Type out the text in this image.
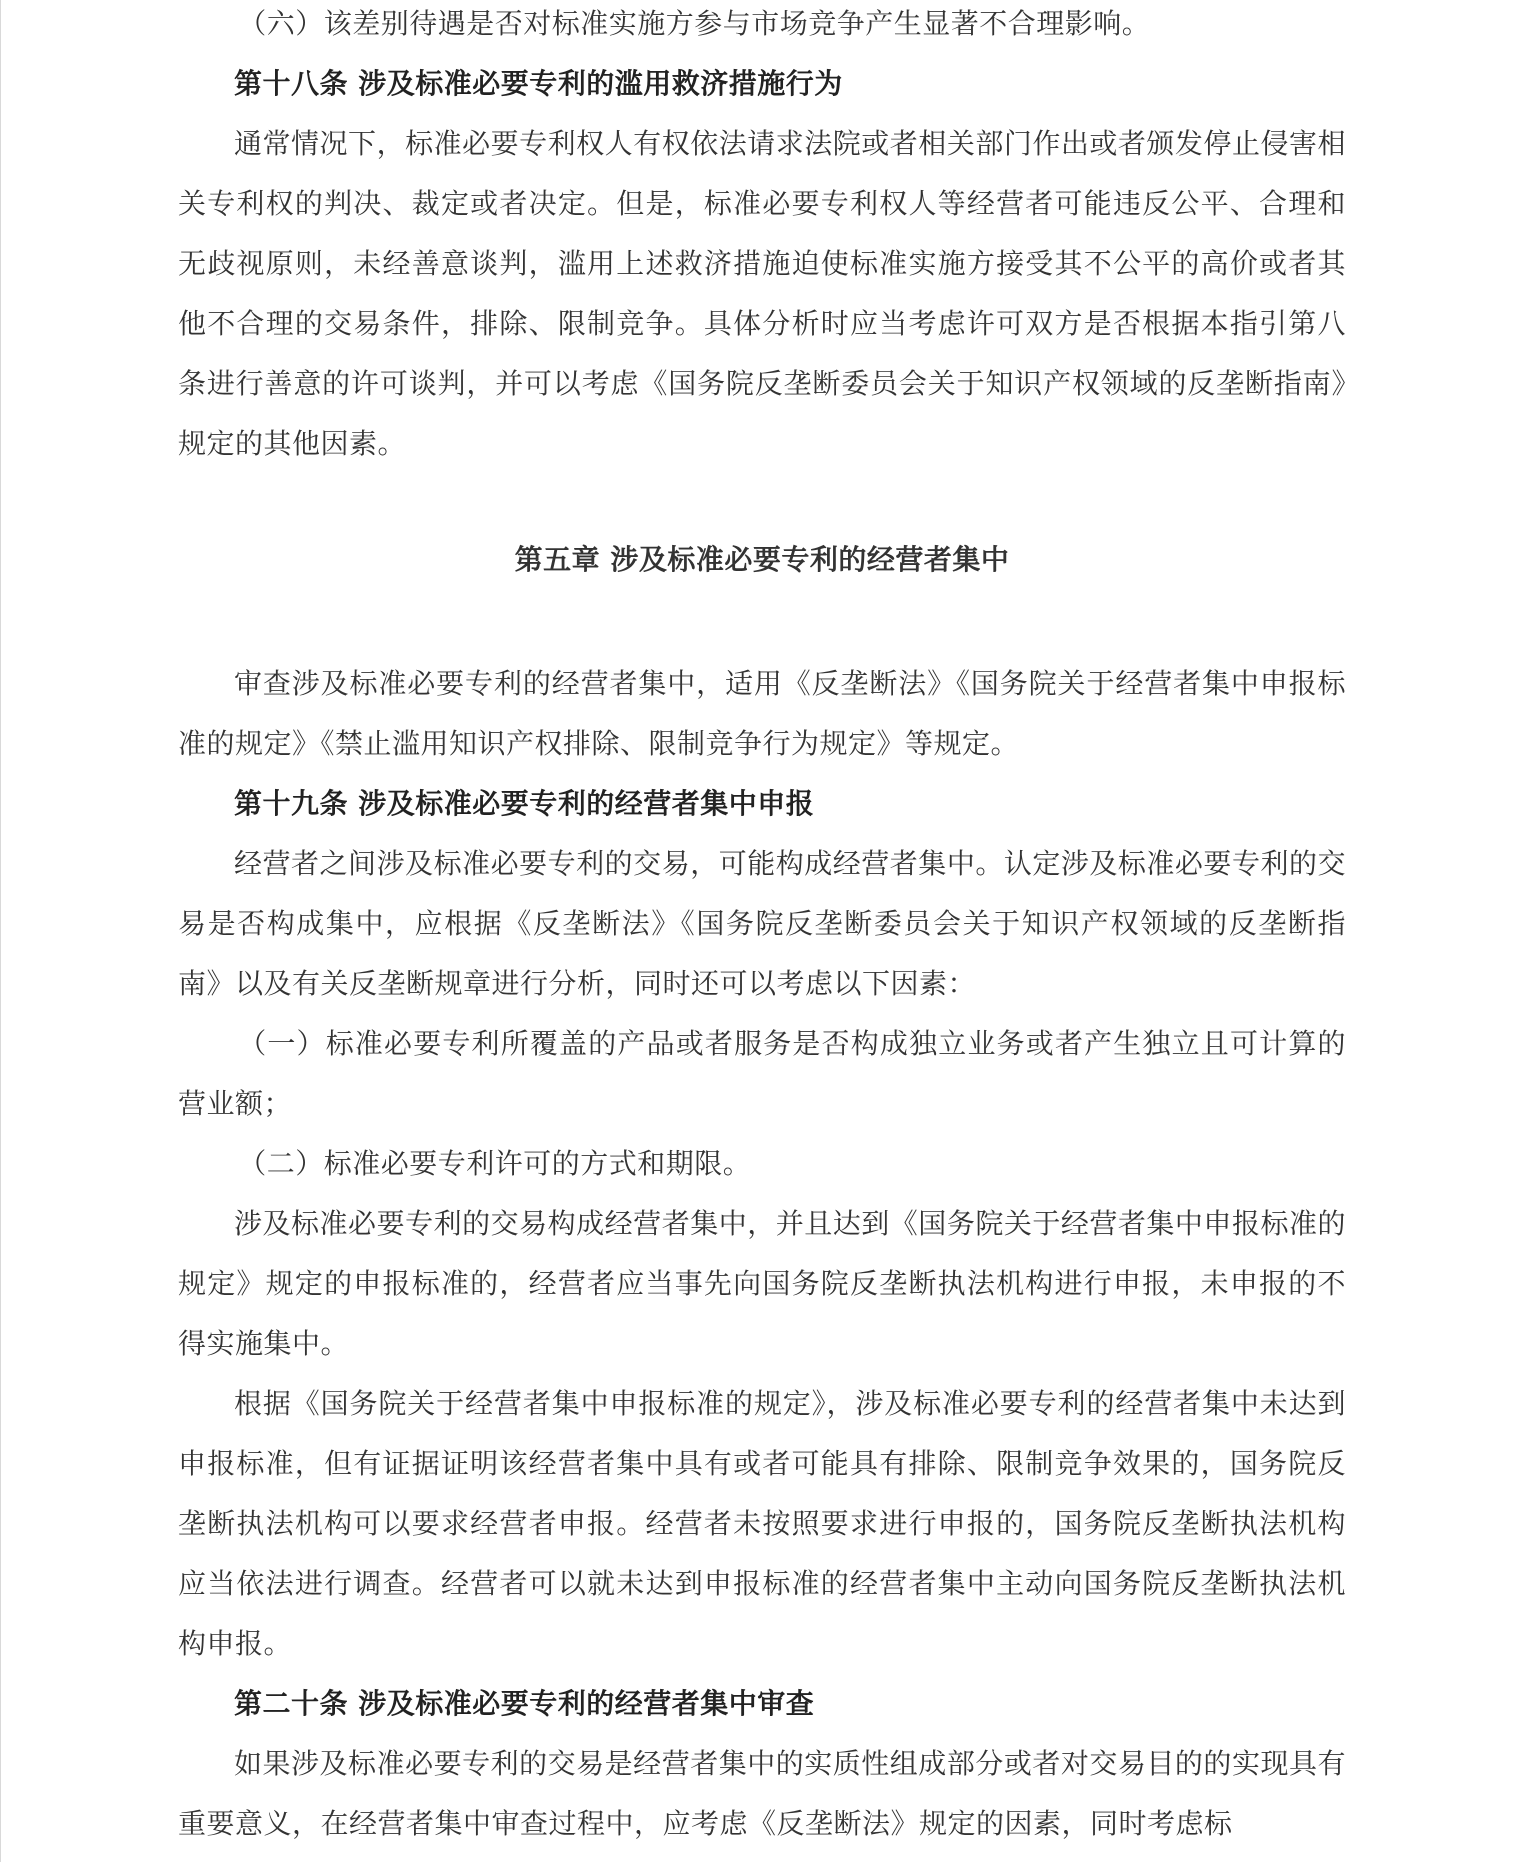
（六）该差别待遇是否对标准实施方参与市场竞争产生显著不合理影响。

第十八条 涉及标准必要专利的滥用救济措施行为

通常情况下，标准必要专利权人有权依法请求法院或者相关部门作出或者颁发停止侵害相关专利权的判决、裁定或者决定。但是，标准必要专利权人等经营者可能违反公平、合理和无歧视原则，未经善意谈判，滥用上述救济措施迫使标准实施方接受其不公平的高价或者其他不合理的交易条件，排除、限制竞争。具体分析时应当考虑许可双方是否根据本指引第八条进行善意的许可谈判，并可以考虑《国务院反垄断委员会关于知识产权领域的反垄断指南》规定的其他因素。

第五章 涉及标准必要专利的经营者集中

审查涉及标准必要专利的经营者集中，适用《反垄断法》《国务院关于经营者集中申报标准的规定》《禁止滥用知识产权排除、限制竞争行为规定》等规定。

第十九条 涉及标准必要专利的经营者集中申报

经营者之间涉及标准必要专利的交易，可能构成经营者集中。认定涉及标准必要专利的交易是否构成集中，应根据《反垄断法》《国务院反垄断委员会关于知识产权领域的反垄断指南》以及有关反垄断规章进行分析，同时还可以考虑以下因素：

（一）标准必要专利所覆盖的产品或者服务是否构成独立业务或者产生独立且可计算的营业额；

（二）标准必要专利许可的方式和期限。

涉及标准必要专利的交易构成经营者集中，并且达到《国务院关于经营者集中申报标准的规定》规定的申报标准的，经营者应当事先向国务院反垄断执法机构进行申报，未申报的不得实施集中。

根据《国务院关于经营者集中申报标准的规定》，涉及标准必要专利的经营者集中未达到申报标准，但有证据证明该经营者集中具有或者可能具有排除、限制竞争效果的，国务院反垄断执法机构可以要求经营者申报。经营者未按照要求进行申报的，国务院反垄断执法机构应当依法进行调查。经营者可以就未达到申报标准的经营者集中主动向国务院反垄断执法机构申报。

第二十条 涉及标准必要专利的经营者集中审查

如果涉及标准必要专利的交易是经营者集中的实质性组成部分或者对交易目的的实现具有重要意义，在经营者集中审查过程中，应考虑《反垄断法》规定的因素，同时考虑标
